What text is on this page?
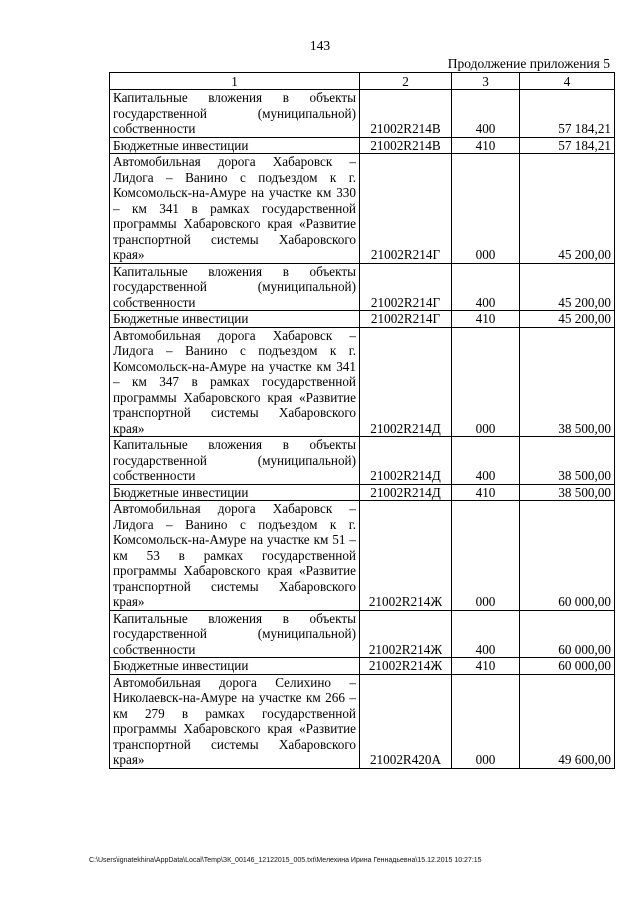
143
Продолжение приложения 5
1	2	3	4
Капитальные вложения в объекты государственной (муниципальной) собственности	21002R214В	400	57 184,21
Бюджетные инвестиции	21002R214В	410	57 184,21
Автомобильная дорога Хабаровск – Лидога – Ванино с подъездом к г. Комсомольск-на-Амуре на участке км 330 – км 341 в рамках государственной программы Хабаровского края «Развитие транспортной системы Хабаровского края»	21002R214Г	000	45 200,00
Капитальные вложения в объекты государственной (муниципальной) собственности	21002R214Г	400	45 200,00
Бюджетные инвестиции	21002R214Г	410	45 200,00
Автомобильная дорога Хабаровск – Лидога – Ванино с подъездом к г. Комсомольск-на-Амуре на участке км 341 – км 347 в рамках государственной программы Хабаровского края «Развитие транспортной системы Хабаровского края»	21002R214Д	000	38 500,00
Капитальные вложения в объекты государственной (муниципальной) собственности	21002R214Д	400	38 500,00
Бюджетные инвестиции	21002R214Д	410	38 500,00
Автомобильная дорога Хабаровск – Лидога – Ванино с подъездом к г. Комсомольск-на-Амуре на участке км 51 – км 53 в рамках государственной программы Хабаровского края «Развитие транспортной системы Хабаровского края»	21002R214Ж	000	60 000,00
Капитальные вложения в объекты государственной (муниципальной) собственности	21002R214Ж	400	60 000,00
Бюджетные инвестиции	21002R214Ж	410	60 000,00
Автомобильная дорога Селихино – Николаевск-на-Амуре на участке км 266 – км 279 в рамках государственной программы Хабаровского края «Развитие транспортной системы Хабаровского края»	21002R420А	000	49 600,00
C:\Users\ignatekhina\AppData\Local\Temp\ЗК_00146_12122015_005.txt\Мелехина Ирина Геннадьевна\15.12.2015 10:27:15
